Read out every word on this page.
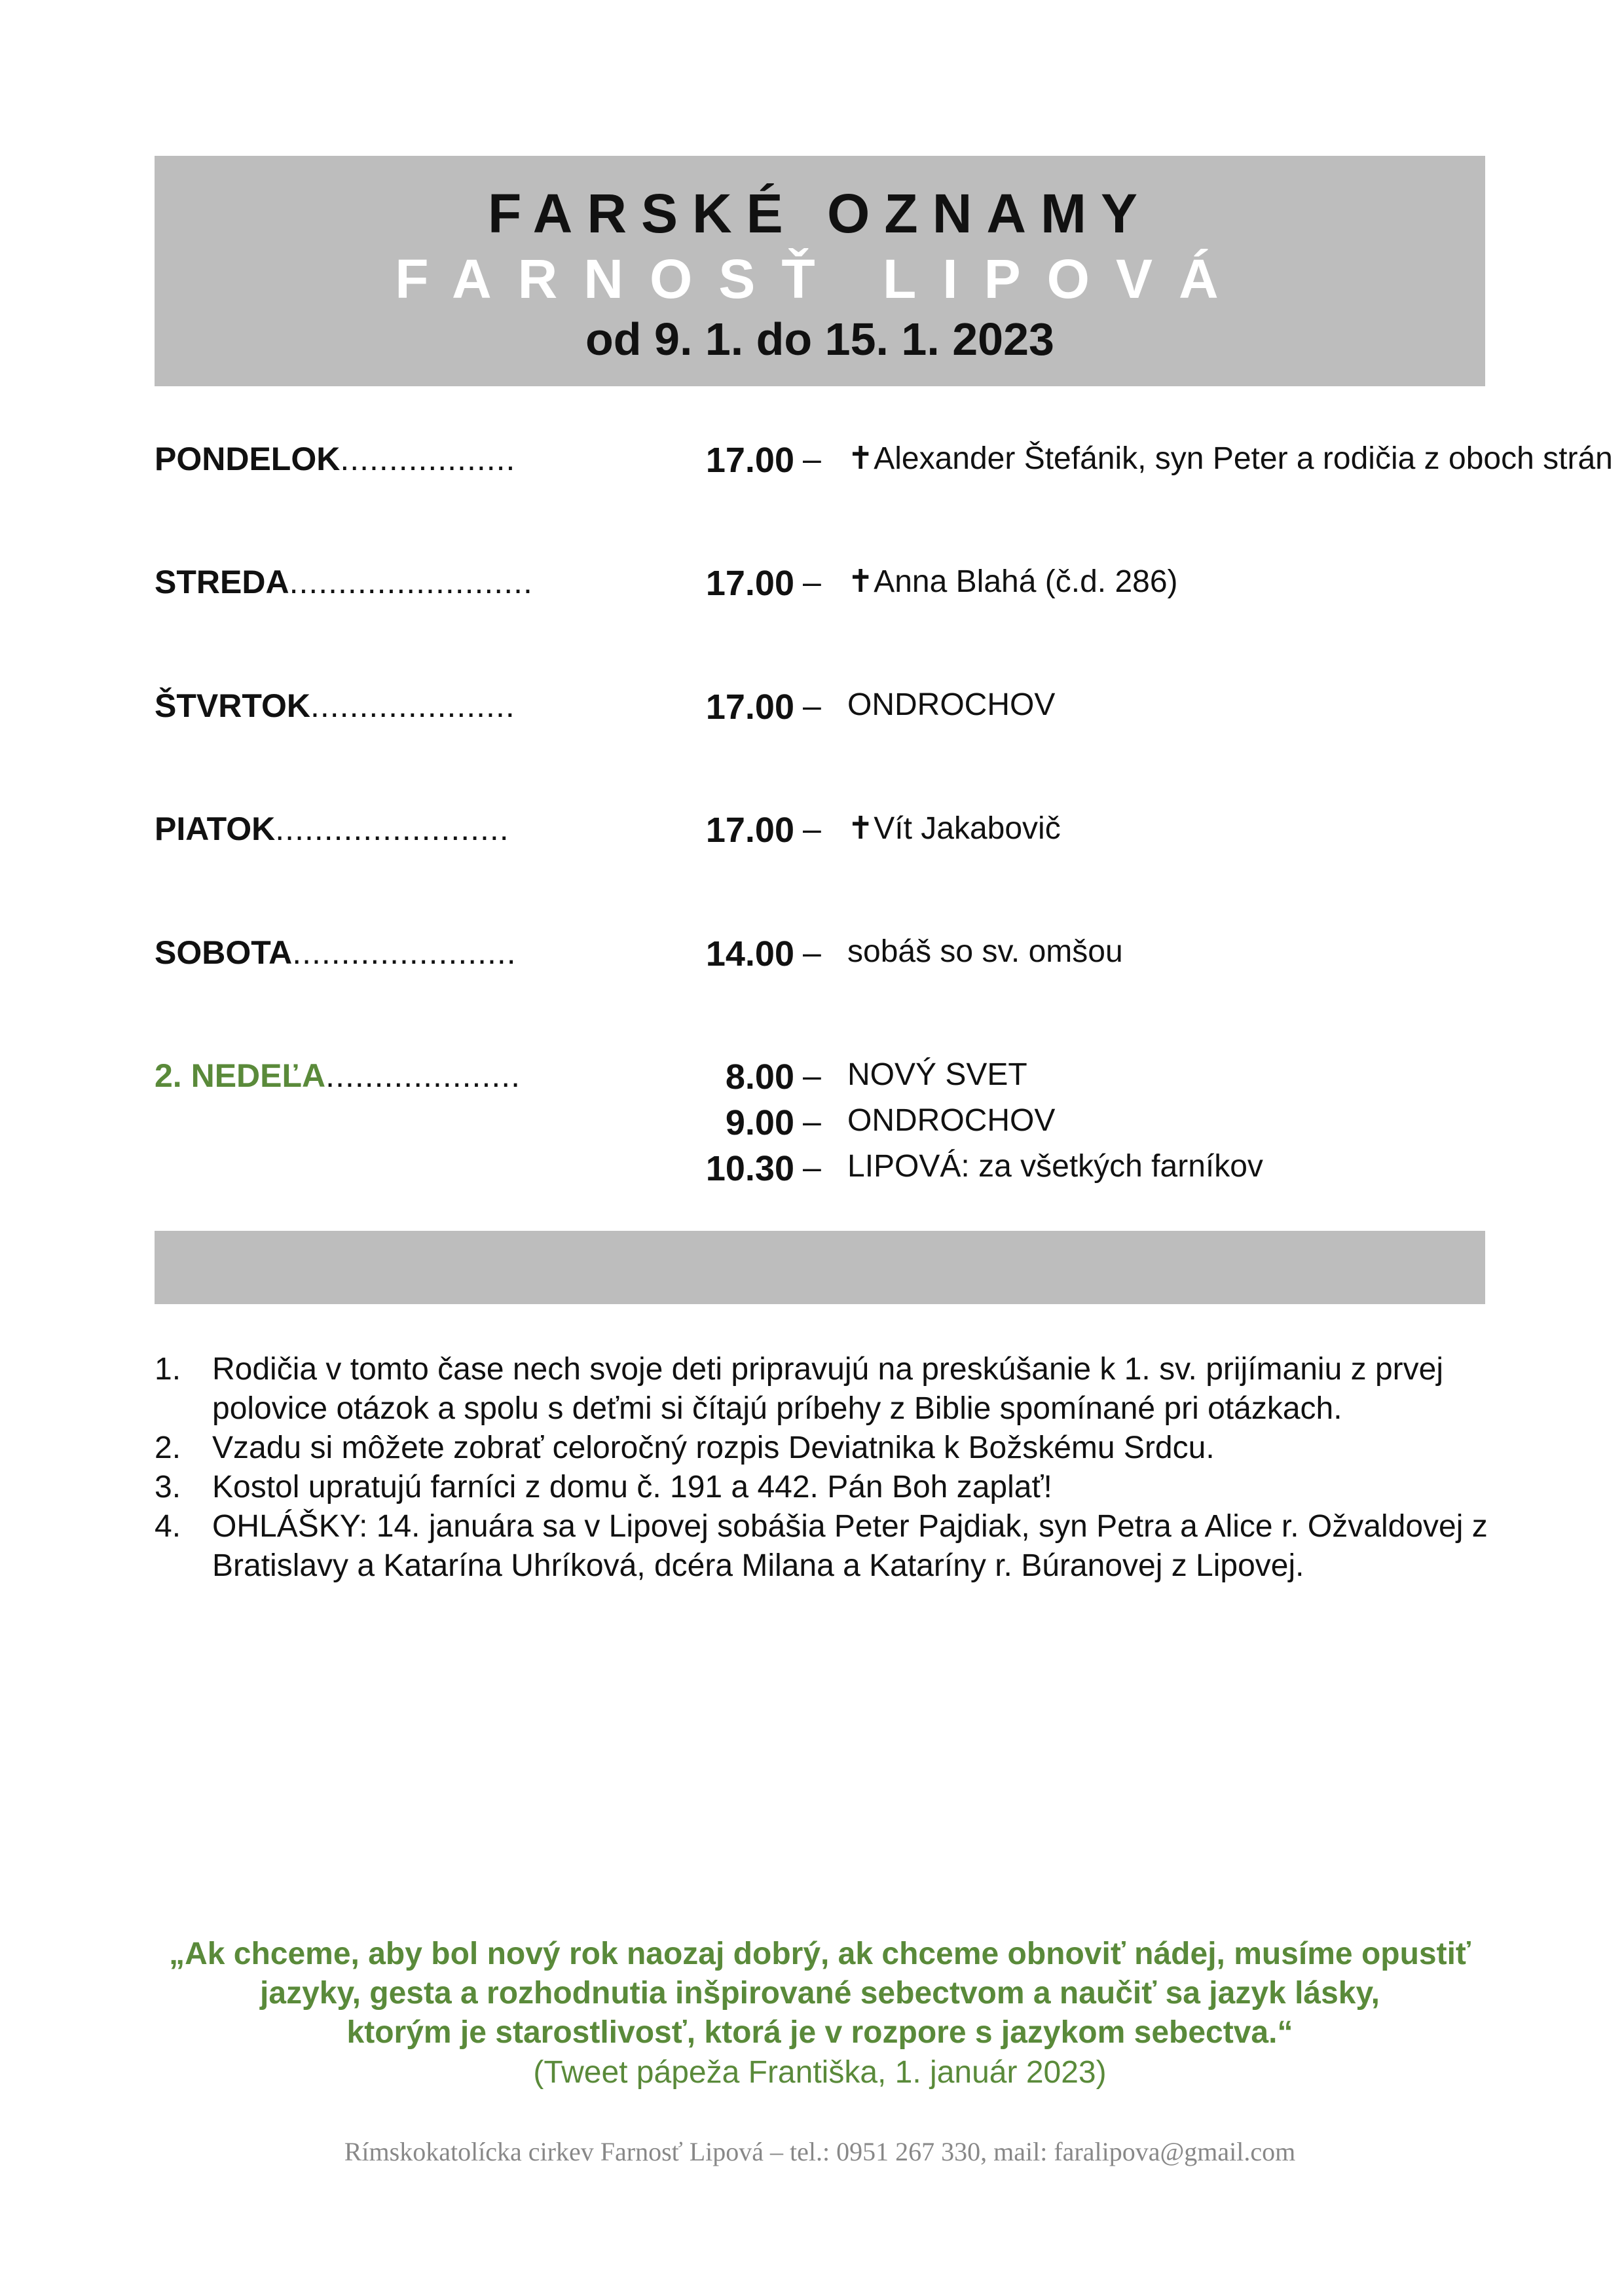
FARSKÉ OZNAMY
FARNOSŤ LIPOVÁ
od 9. 1. do 15. 1. 2023
PONDELOK..................	17.00 – ✝Alexander Štefánik, syn Peter a rodičia z oboch strán
STREDA.........................	17.00 – ✝Anna Blahá (č.d. 286)
ŠTVRTOK.....................	17.00 – ONDROCHOV
PIATOK........................	17.00 – ✝Vít Jakabovič
SOBOTA.......................	14.00 – sobáš so sv. omšou
2. NEDEĽA....................	8.00 – NOVÝ SVET
9.00 – ONDROCHOV
10.30 – LIPOVÁ: za všetkých farníkov
1. Rodičia v tomto čase nech svoje deti pripravujú na preskúšanie k 1. sv. prijímaniu z prvej polovice otázok a spolu s deťmi si čítajú príbehy z Biblie spomínané pri otázkach.
2. Vzadu si môžete zobrať celoročný rozpis Deviatnika k Božskému Srdcu.
3. Kostol upratujú farníci z domu č. 191 a 442. Pán Boh zaplať!
4. OHLÁŠKY: 14. januára sa v Lipovej sobášia Peter Pajdiak, syn Petra a Alice r. Ožvaldovej z Bratislavy a Katarína Uhríková, dcéra Milana a Kataríny r. Búranovej z Lipovej.
„Ak chceme, aby bol nový rok naozaj dobrý, ak chceme obnoviť nádej, musíme opustiť
jazyky, gesta a rozhodnutia inšpirované sebectvom a naučiť sa jazyk lásky,
ktorým je starostlivosť, ktorá je v rozpore s jazykom sebectva.“
(Tweet pápeža Františka, 1. január 2023)
Rímskokatolícka cirkev Farnosť Lipová – tel.: 0951 267 330, mail: faralipova@gmail.com
